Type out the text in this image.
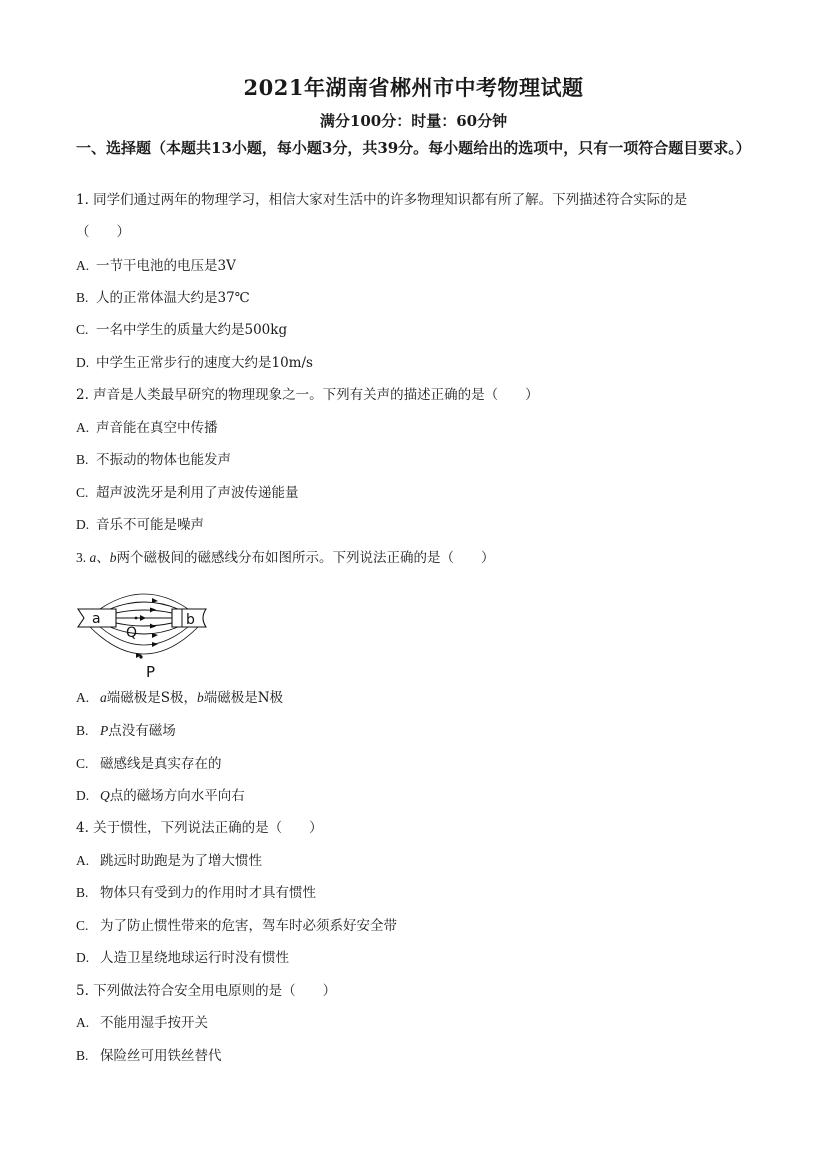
2021年湖南省郴州市中考物理试题
满分100分：时量：60分钟
一、选择题（本题共13小题，每小题3分，共39分。每小题给出的选项中，只有一项符合题目要求。）
1. 同学们通过两年的物理学习，相信大家对生活中的许多物理知识都有所了解。下列描述符合实际的是
（　　）
A. 一节干电池的电压是3V
B. 人的正常体温大约是37℃
C. 一名中学生的质量大约是500kg
D. 中学生正常步行的速度大约是10m/s
2. 声音是人类最早研究的物理现象之一。下列有关声的描述正确的是（　　）
A. 声音能在真空中传播
B. 不振动的物体也能发声
C. 超声波洗牙是利用了声波传递能量
D. 音乐不可能是噪声
3. a、b两个磁极间的磁感线分布如图所示。下列说法正确的是（　　）
a	b
Q
P
A. a端磁极是S极，b端磁极是N极
B. P点没有磁场
C. 磁感线是真实存在的
D. Q点的磁场方向水平向右
4. 关于惯性，下列说法正确的是（　　）
A. 跳远时助跑是为了增大惯性
B. 物体只有受到力的作用时才具有惯性
C. 为了防止惯性带来的危害，驾车时必须系好安全带
D. 人造卫星绕地球运行时没有惯性
5. 下列做法符合安全用电原则的是（　　）
A. 不能用湿手按开关
B. 保险丝可用铁丝替代
